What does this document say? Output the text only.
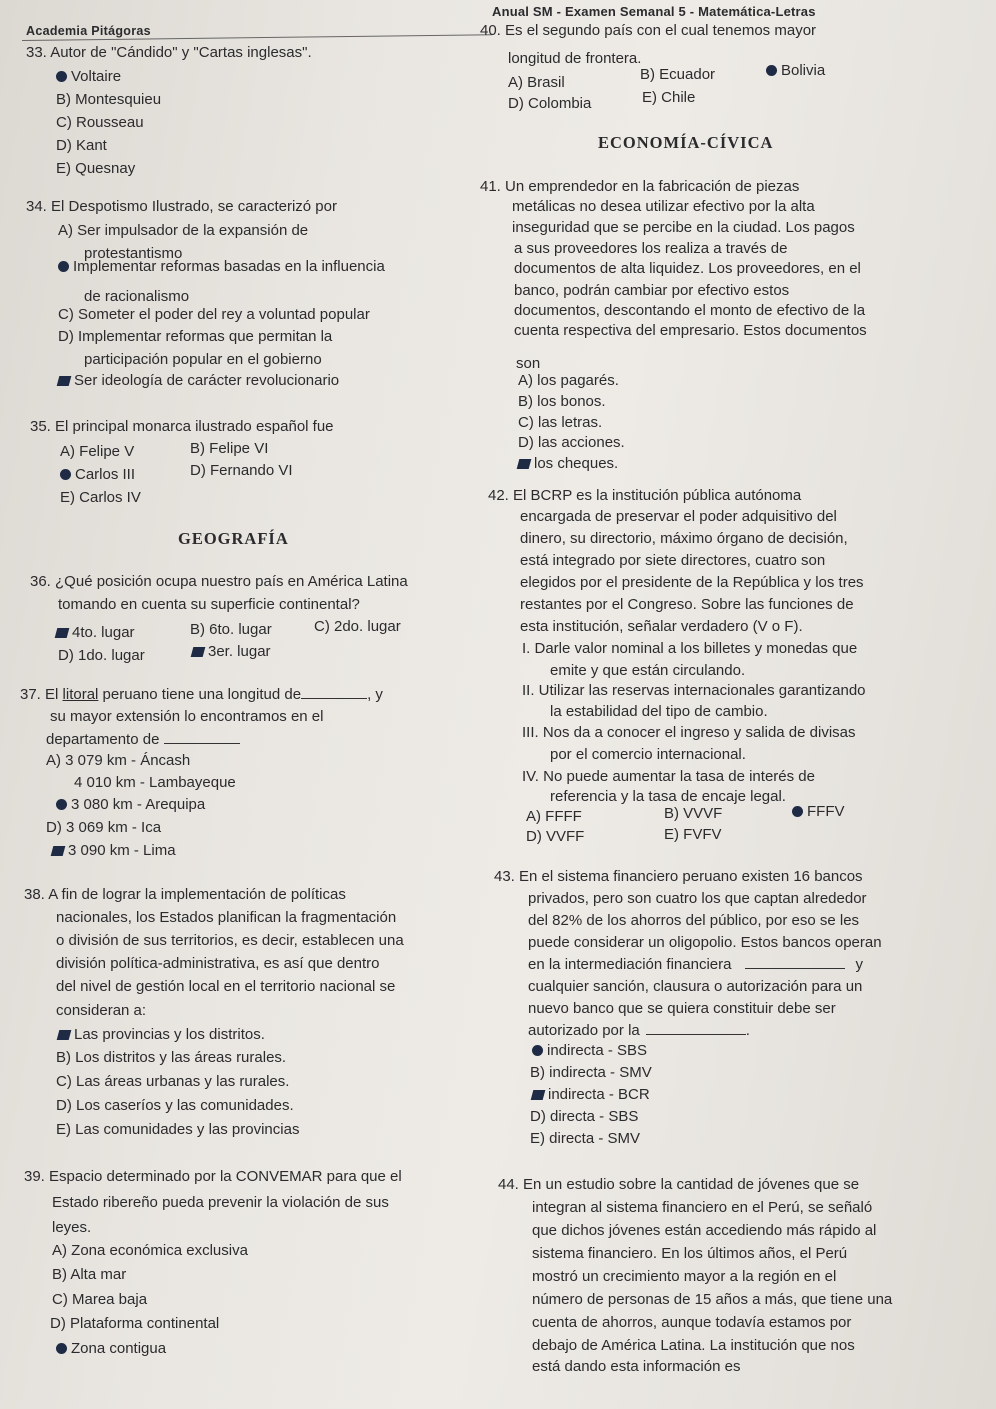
Academia Pitágoras
Anual SM - Examen Semanal 5 - Matemática-Letras
33. Autor de "Cándido" y "Cartas inglesas".
Voltaire
B) Montesquieu
C) Rousseau
D) Kant
E) Quesnay
34. El Despotismo Ilustrado, se caracterizó por
A) Ser impulsador de la expansión de
protestantismo
Implementar reformas basadas en la influencia
de racionalismo
C) Someter el poder del rey a voluntad popular
D) Implementar reformas que permitan la
participación popular en el gobierno
Ser ideología de carácter revolucionario
35. El principal monarca ilustrado español fue
A) Felipe V	B) Felipe VI
Carlos III	D) Fernando VI
E) Carlos IV
GEOGRAFÍA
36. ¿Qué posición ocupa nuestro país en América Latina
tomando en cuenta su superficie continental?
4to. lugar	B) 6to. lugar	C) 2do. lugar
D) 1do. lugar	3er. lugar
37. El litoral peruano tiene una longitud de	, y
su mayor extensión lo encontramos en el
departamento de
A) 3 079 km - Áncash
4 010 km - Lambayeque
3 080 km - Arequipa
D) 3 069 km - Ica
3 090 km - Lima
38. A fin de lograr la implementación de políticas
nacionales, los Estados planifican la fragmentación
o división de sus territorios, es decir, establecen una
división política-administrativa, es así que dentro
del nivel de gestión local en el territorio nacional se
consideran a:
Las provincias y los distritos.
B) Los distritos y las áreas rurales.
C) Las áreas urbanas y las rurales.
D) Los caseríos y las comunidades.
E) Las comunidades y las provincias
39. Espacio determinado por la CONVEMAR para que el
Estado ribereño pueda prevenir la violación de sus
leyes.
A) Zona económica exclusiva
B) Alta mar
C) Marea baja
D) Plataforma continental
Zona contigua
40. Es el segundo país con el cual tenemos mayor
longitud de frontera.
A) Brasil	B) Ecuador	Bolivia
D) Colombia	E) Chile
ECONOMÍA-CÍVICA
41. Un emprendedor en la fabricación de piezas
metálicas no desea utilizar efectivo por la alta
inseguridad que se percibe en la ciudad. Los pagos
a sus proveedores los realiza a través de
documentos de alta liquidez. Los proveedores, en el
banco, podrán cambiar por efectivo estos
documentos, descontando el monto de efectivo de la
cuenta respectiva del empresario. Estos documentos
son
A) los pagarés.
B) los bonos.
C) las letras.
D) las acciones.
los cheques.
42. El BCRP es la institución pública autónoma
encargada de preservar el poder adquisitivo del
dinero, su directorio, máximo órgano de decisión,
está integrado por siete directores, cuatro son
elegidos por el presidente de la República y los tres
restantes por el Congreso. Sobre las funciones de
esta institución, señalar verdadero (V o F).
I. Darle valor nominal a los billetes y monedas que
emite y que están circulando.
II. Utilizar las reservas internacionales garantizando
la estabilidad del tipo de cambio.
III. Nos da a conocer el ingreso y salida de divisas
por el comercio internacional.
IV. No puede aumentar la tasa de interés de
referencia y la tasa de encaje legal.
A) FFFF	B) VVVF	FFFV
D) VVFF	E) FVFV
43. En el sistema financiero peruano existen 16 bancos
privados, pero son cuatro los que captan alrededor
del 82% de los ahorros del público, por eso se les
puede considerar un oligopolio. Estos bancos operan
en la intermediación financiera	y
cualquier sanción, clausura o autorización para un
nuevo banco que se quiera constituir debe ser
autorizado por la	.
indirecta - SBS
B) indirecta - SMV
indirecta - BCR
D) directa - SBS
E) directa - SMV
44. En un estudio sobre la cantidad de jóvenes que se
integran al sistema financiero en el Perú, se señaló
que dichos jóvenes están accediendo más rápido al
sistema financiero. En los últimos años, el Perú
mostró un crecimiento mayor a la región en el
número de personas de 15 años a más, que tiene una
cuenta de ahorros, aunque todavía estamos por
debajo de América Latina. La institución que nos
está dando esta información es
